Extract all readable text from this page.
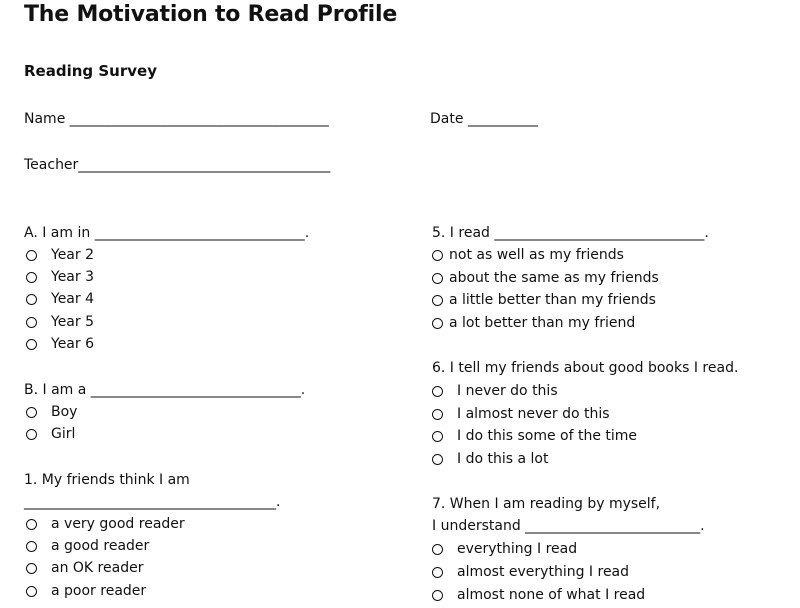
The Motivation to Read Profile
Reading Survey
Name _____________________________________	Date __________
Teacher____________________________________
A. I am in ______________________________.
Year 2
Year 3
Year 4
Year 5
Year 6
B. I am a ______________________________.
Boy
Girl
1. My friends think I am
____________________________________.
a very good reader
a good reader
an OK reader
a poor reader
5. I read ______________________________.
not as well as my friends
about the same as my friends
a little better than my friends
a lot better than my friend
6. I tell my friends about good books I read.
I never do this
I almost never do this
I do this some of the time
I do this a lot
7. When I am reading by myself,
I understand _________________________.
everything I read
almost everything I read
almost none of what I read
